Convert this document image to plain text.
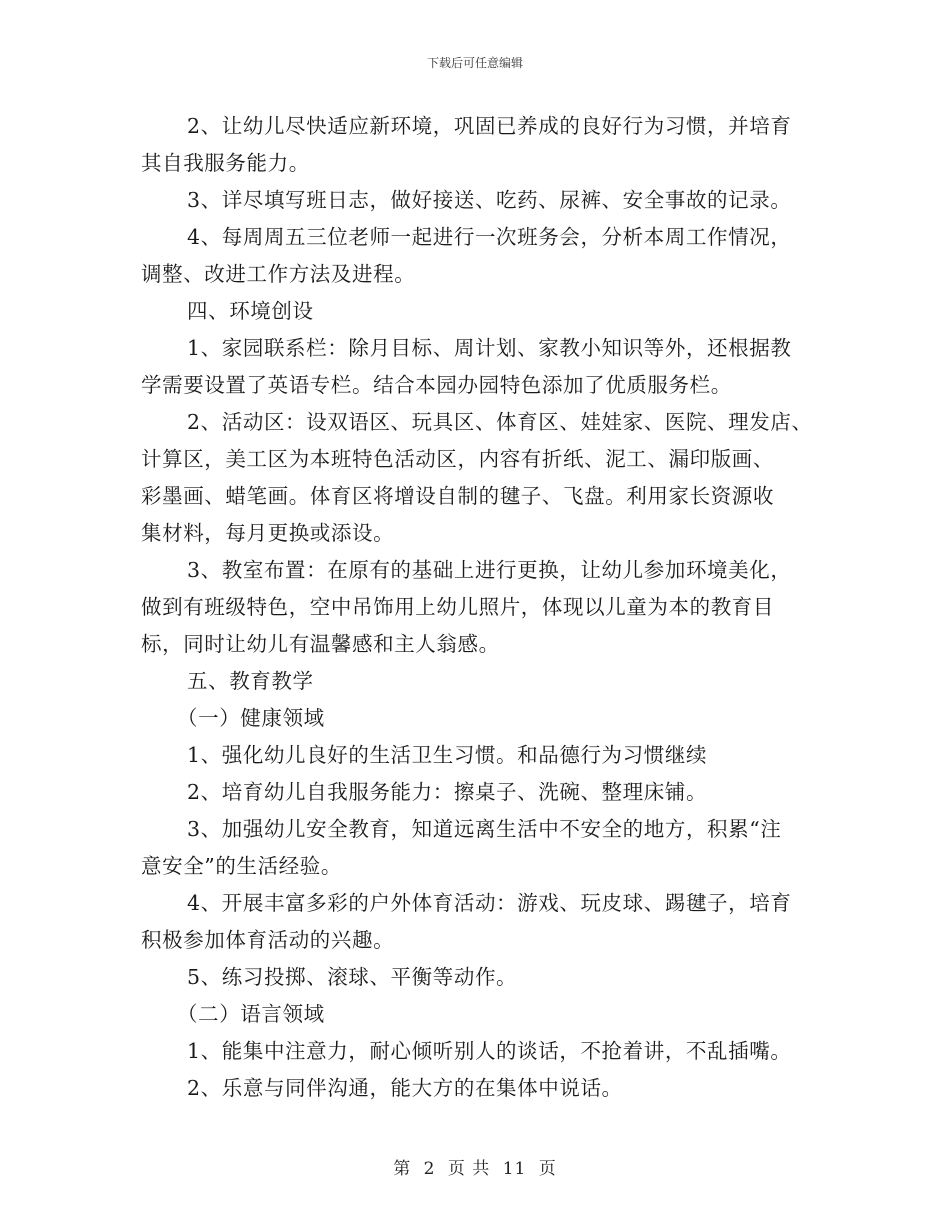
下载后可任意编辑
2、让幼儿尽快适应新环境，巩固已养成的良好行为习惯，并培育
其自我服务能力。
3、详尽填写班日志，做好接送、吃药、尿裤、安全事故的记录。
4、每周周五三位老师一起进行一次班务会，分析本周工作情况，
调整、改进工作方法及进程。
四、环境创设
1、家园联系栏：除月目标、周计划、家教小知识等外，还根据教
学需要设置了英语专栏。结合本园办园特色添加了优质服务栏。
2、活动区：设双语区、玩具区、体育区、娃娃家、医院、理发店、
计算区，美工区为本班特色活动区，内容有折纸、泥工、漏印版画、
彩墨画、蜡笔画。体育区将增设自制的毽子、飞盘。利用家长资源收
集材料，每月更换或添设。
3、教室布置：在原有的基础上进行更换，让幼儿参加环境美化，
做到有班级特色，空中吊饰用上幼儿照片，体现以儿童为本的教育目
标，同时让幼儿有温馨感和主人翁感。
五、教育教学
（一）健康领域
1、强化幼儿良好的生活卫生习惯。和品德行为习惯继续
2、培育幼儿自我服务能力：擦桌子、洗碗、整理床铺。
3、加强幼儿安全教育，知道远离生活中不安全的地方，积累“注
意安全”的生活经验。
4、开展丰富多彩的户外体育活动：游戏、玩皮球、踢毽子，培育
积极参加体育活动的兴趣。
5、练习投掷、滚球、平衡等动作。
（二）语言领域
1、能集中注意力，耐心倾听别人的谈话，不抢着讲，不乱插嘴。
2、乐意与同伴沟通，能大方的在集体中说话。
第 2 页 共 11 页
